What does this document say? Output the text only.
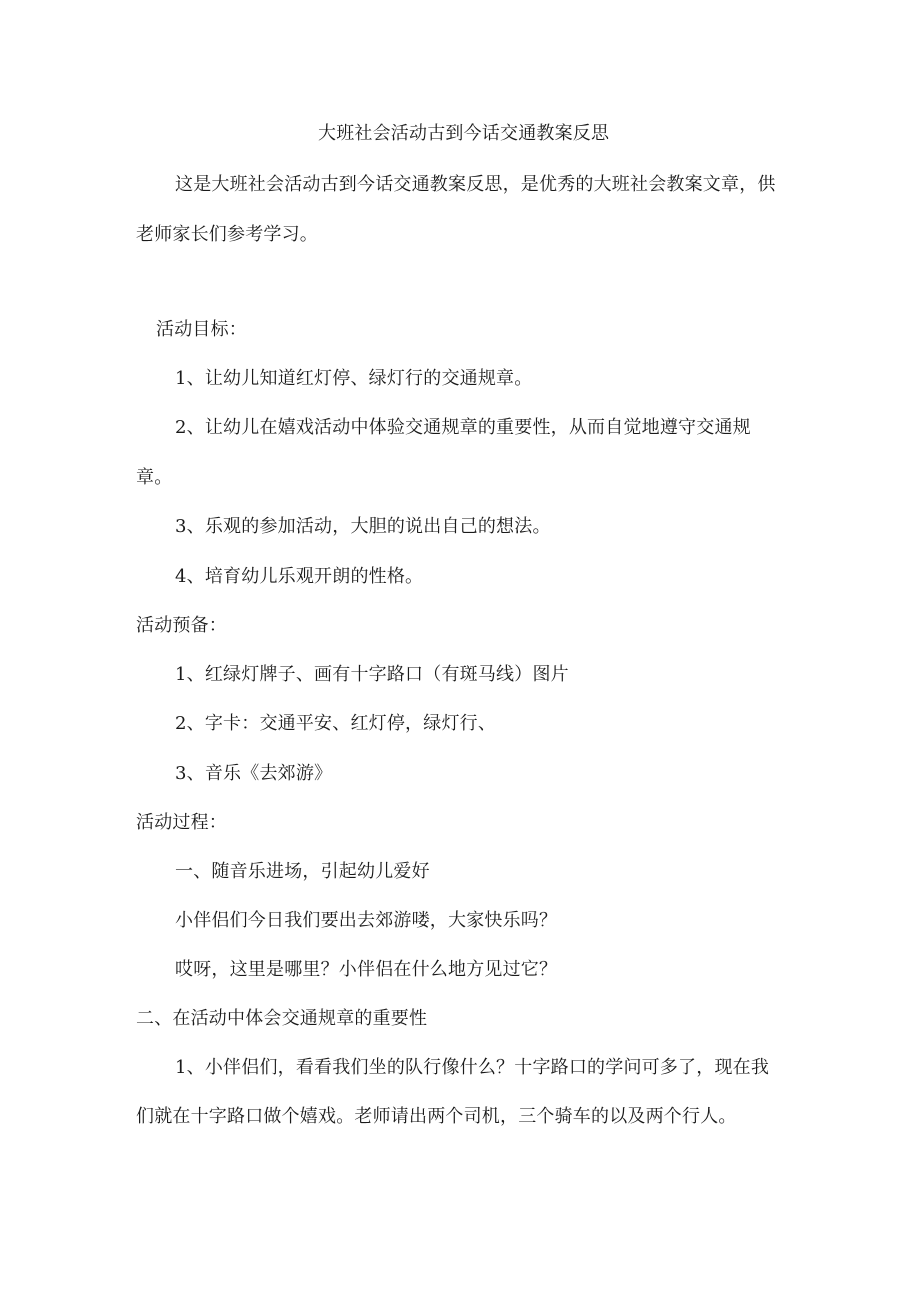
大班社会活动古到今话交通教案反思
这是大班社会活动古到今话交通教案反思，是优秀的大班社会教案文章，供
老师家长们参考学习。
活动目标：
1、让幼儿知道红灯停、绿灯行的交通规章。
2、让幼儿在嬉戏活动中体验交通规章的重要性，从而自觉地遵守交通规
章。
3、乐观的参加活动，大胆的说出自己的想法。
4、培育幼儿乐观开朗的性格。
活动预备：
1、红绿灯牌子、画有十字路口（有斑马线）图片
2、字卡：交通平安、红灯停，绿灯行、
3、音乐《去郊游》
活动过程：
一、随音乐进场，引起幼儿爱好
小伴侣们今日我们要出去郊游喽，大家快乐吗？
哎呀，这里是哪里？小伴侣在什么地方见过它？
二、在活动中体会交通规章的重要性
1、小伴侣们，看看我们坐的队行像什么？十字路口的学问可多了，现在我
们就在十字路口做个嬉戏。老师请出两个司机，三个骑车的以及两个行人。
